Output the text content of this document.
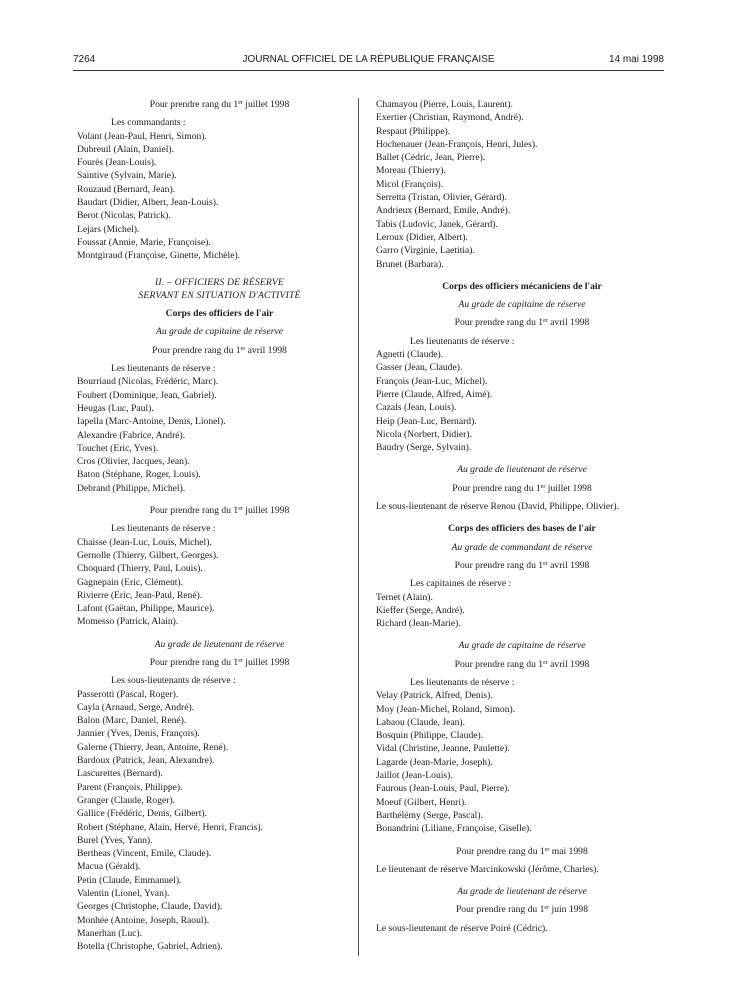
7264	JOURNAL OFFICIEL DE LA RÉPUBLIQUE FRANÇAISE	14 mai 1998
Pour prendre rang du 1er juillet 1998
Les commandants :
Volant (Jean-Paul, Henri, Simon).
Dubreuil (Alain, Daniel).
Fourès (Jean-Louis).
Saintive (Sylvain, Marie).
Rouzaud (Bernard, Jean).
Baudart (Didier, Albert, Jean-Louis).
Berot (Nicolas, Patrick).
Lejars (Michel).
Foussat (Annie, Marie, Françoise).
Montgiraud (Françoise, Ginette, Michèle).
II. – OFFICIERS DE RÉSERVE
SERVANT EN SITUATION D'ACTIVITÉ
Corps des officiers de l'air
Au grade de capitaine de réserve
Pour prendre rang du 1er avril 1998
Les lieutenants de réserve :
Bourriaud (Nicolas, Frédéric, Marc).
Foubert (Dominique, Jean, Gabriel).
Heugas (Luc, Paul).
Iapella (Marc-Antoine, Denis, Lionel).
Alexandre (Fabrice, André).
Touchet (Eric, Yves).
Cros (Olivier, Jacques, Jean).
Baton (Stéphane, Roger, Louis).
Debrand (Philippe, Michel).
Pour prendre rang du 1er juillet 1998
Les lieutenants de réserve :
Chaisse (Jean-Luc, Louis, Michel).
Gernolle (Thierry, Gilbert, Georges).
Choquard (Thierry, Paul, Louis).
Gagnepain (Eric, Clément).
Rivierre (Eric, Jean-Paul, René).
Lafont (Gaëtan, Philippe, Maurice).
Momesso (Patrick, Alain).
Au grade de lieutenant de réserve
Pour prendre rang du 1er juillet 1998
Les sous-lieutenants de réserve :
Passerotti (Pascal, Roger).
Cayla (Arnaud, Serge, André).
Balon (Marc, Daniel, René).
Jannier (Yves, Denis, François).
Galerne (Thierry, Jean, Antoine, René).
Bardoux (Patrick, Jean, Alexandre).
Lascurettes (Bernard).
Parent (François, Philippe).
Granger (Claude, Roger).
Gallice (Frédéric, Denis, Gilbert).
Robert (Stéphane, Alain, Hervé, Henri, Francis).
Burel (Yves, Yann).
Bertheas (Vincent, Emile, Claude).
Macua (Gérald).
Petin (Claude, Emmanuel).
Valentin (Lionel, Yvan).
Georges (Christophe, Claude, David).
Monhée (Antoine, Joseph, Raoul).
Manerhan (Luc).
Botella (Christophe, Gabriel, Adrien).
Chamayou (Pierre, Louis, Laurent).
Exertier (Christian, Raymond, André).
Respaut (Philippe).
Hochenauer (Jean-François, Henri, Jules).
Ballet (Cédric, Jean, Pierre).
Moreau (Thierry).
Micol (François).
Serretta (Tristan, Olivier, Gérard).
Andrieux (Bernard, Emile, André).
Tabis (Ludovic, Janek, Gérard).
Leroux (Didier, Albert).
Garro (Virginie, Laetitia).
Brunet (Barbara).
Corps des officiers mécaniciens de l'air
Au grade de capitaine de réserve
Pour prendre rang du 1er avril 1998
Les lieutenants de réserve :
Agnetti (Claude).
Gasser (Jean, Claude).
François (Jean-Luc, Michel).
Pierre (Claude, Alfred, Aimé).
Cazals (Jean, Louis).
Heip (Jean-Luc, Bernard).
Nicola (Norbert, Didier).
Baudry (Serge, Sylvain).
Au grade de lieutenant de réserve
Pour prendre rang du 1er juillet 1998
Le sous-lieutenant de réserve Renou (David, Philippe, Olivier).
Corps des officiers des bases de l'air
Au grade de commandant de réserve
Pour prendre rang du 1er avril 1998
Les capitaines de réserve :
Ternet (Alain).
Kieffer (Serge, André).
Richard (Jean-Marie).
Au grade de capitaine de réserve
Pour prendre rang du 1er avril 1998
Les lieutenants de réserve :
Velay (Patrick, Alfred, Denis).
Moy (Jean-Michel, Roland, Simon).
Labaou (Claude, Jean).
Bosquin (Philippe, Claude).
Vidal (Christine, Jeanne, Paulette).
Lagarde (Jean-Marie, Joseph).
Jaillot (Jean-Louis).
Faurous (Jean-Louis, Paul, Pierre).
Moeuf (Gilbert, Henri).
Barthélémy (Serge, Pascal).
Bonandrini (Liliane, Françoise, Giselle).
Pour prendre rang du 1er mai 1998
Le lieutenant de réserve Marcinkowski (Jérôme, Charles).
Au grade de lieutenant de réserve
Pour prendre rang du 1er juin 1998
Le sous-lieutenant de réserve Poiré (Cédric).
